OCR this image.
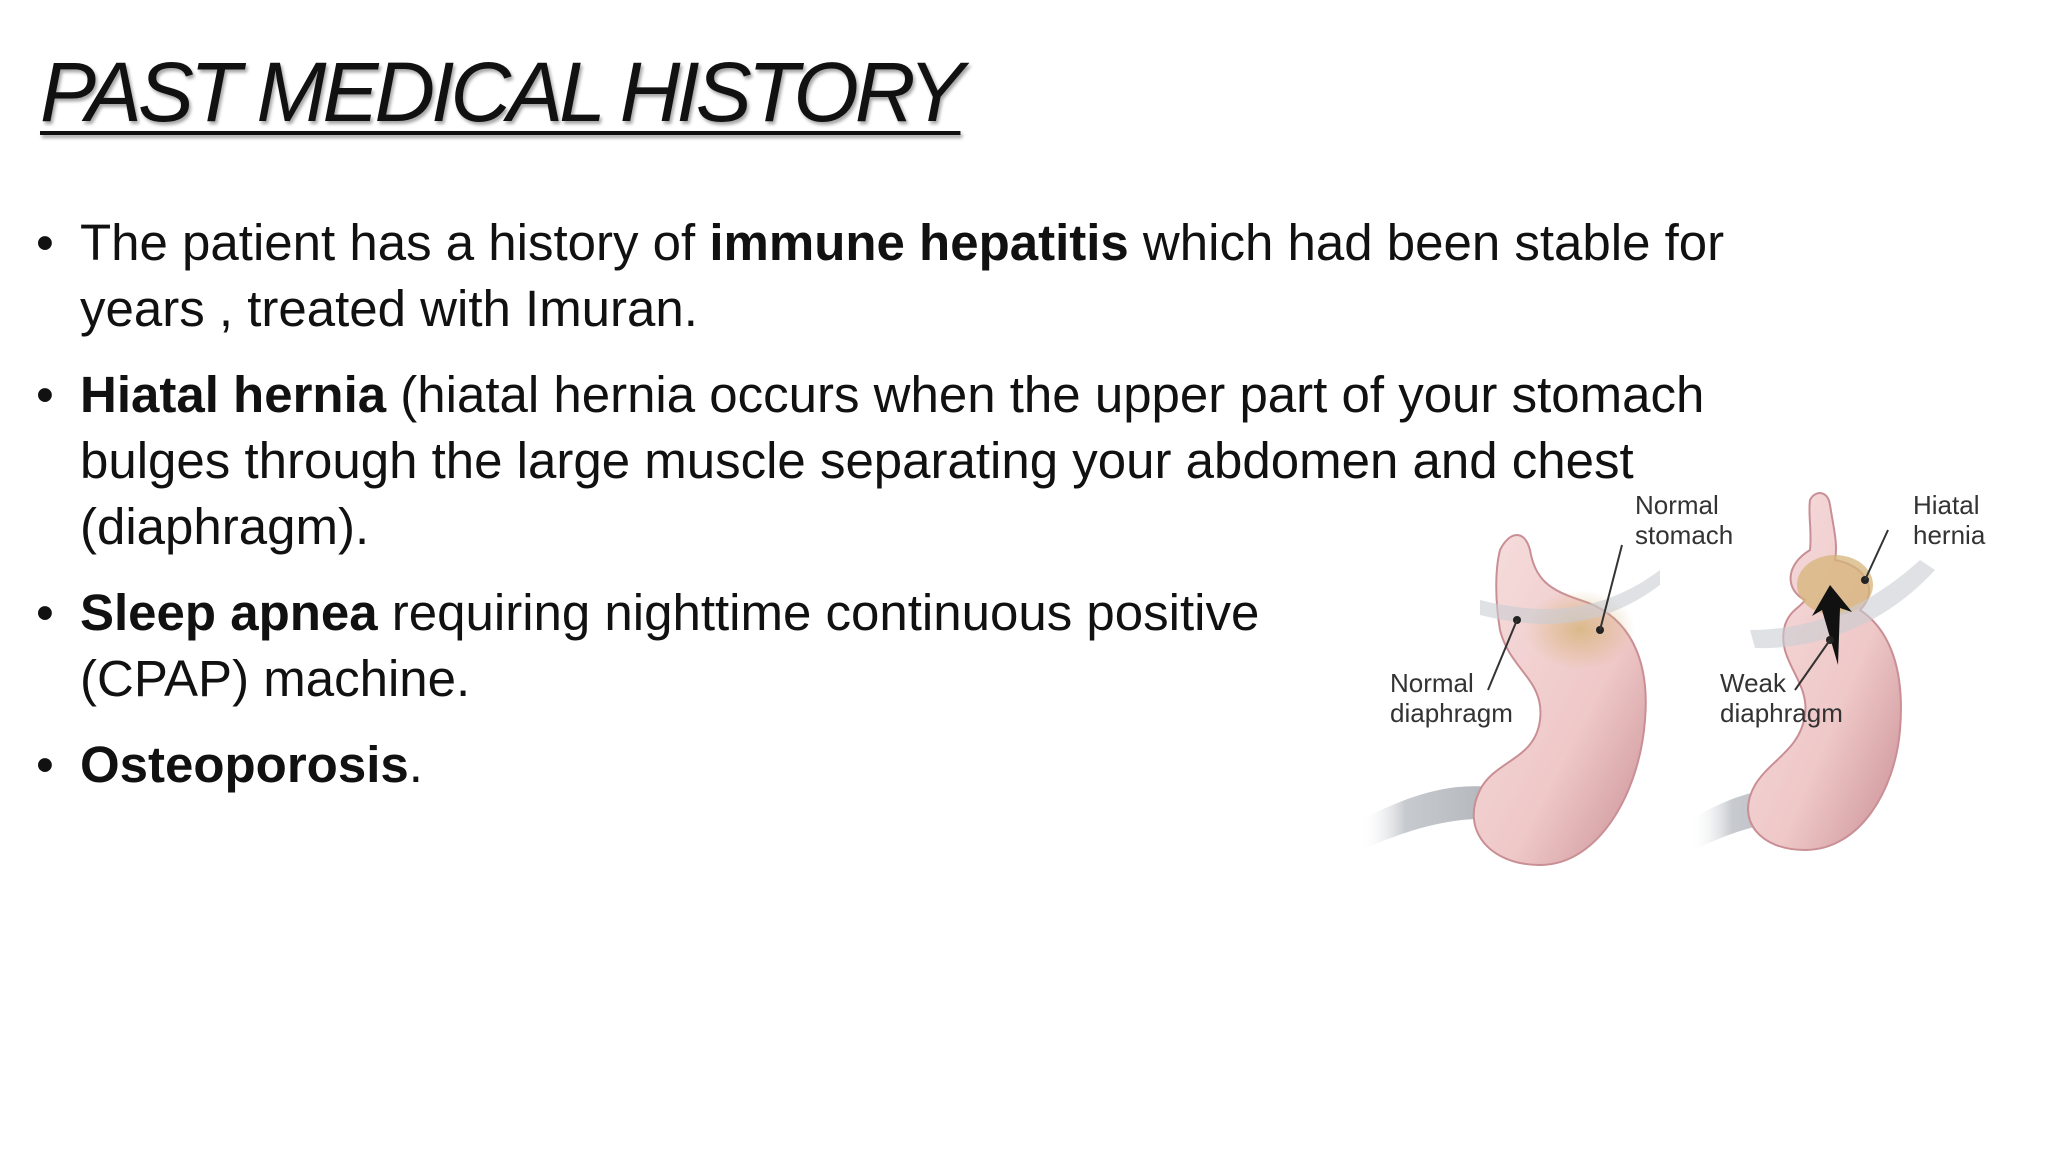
PAST MEDICAL HISTORY
• The patient has a history of immune hepatitis which had been stable for
years , treated with Imuran.
• Hiatal hernia (hiatal hernia occurs when the upper part of your stomach
bulges through the large muscle separating your abdomen and chest
(diaphragm).
• Sleep apnea requiring nighttime continuous positive
(CPAP) machine.
• Osteoporosis.
Normal
stomach
Hiatal
hernia
Normal
diaphragm
Weak
diaphragm
